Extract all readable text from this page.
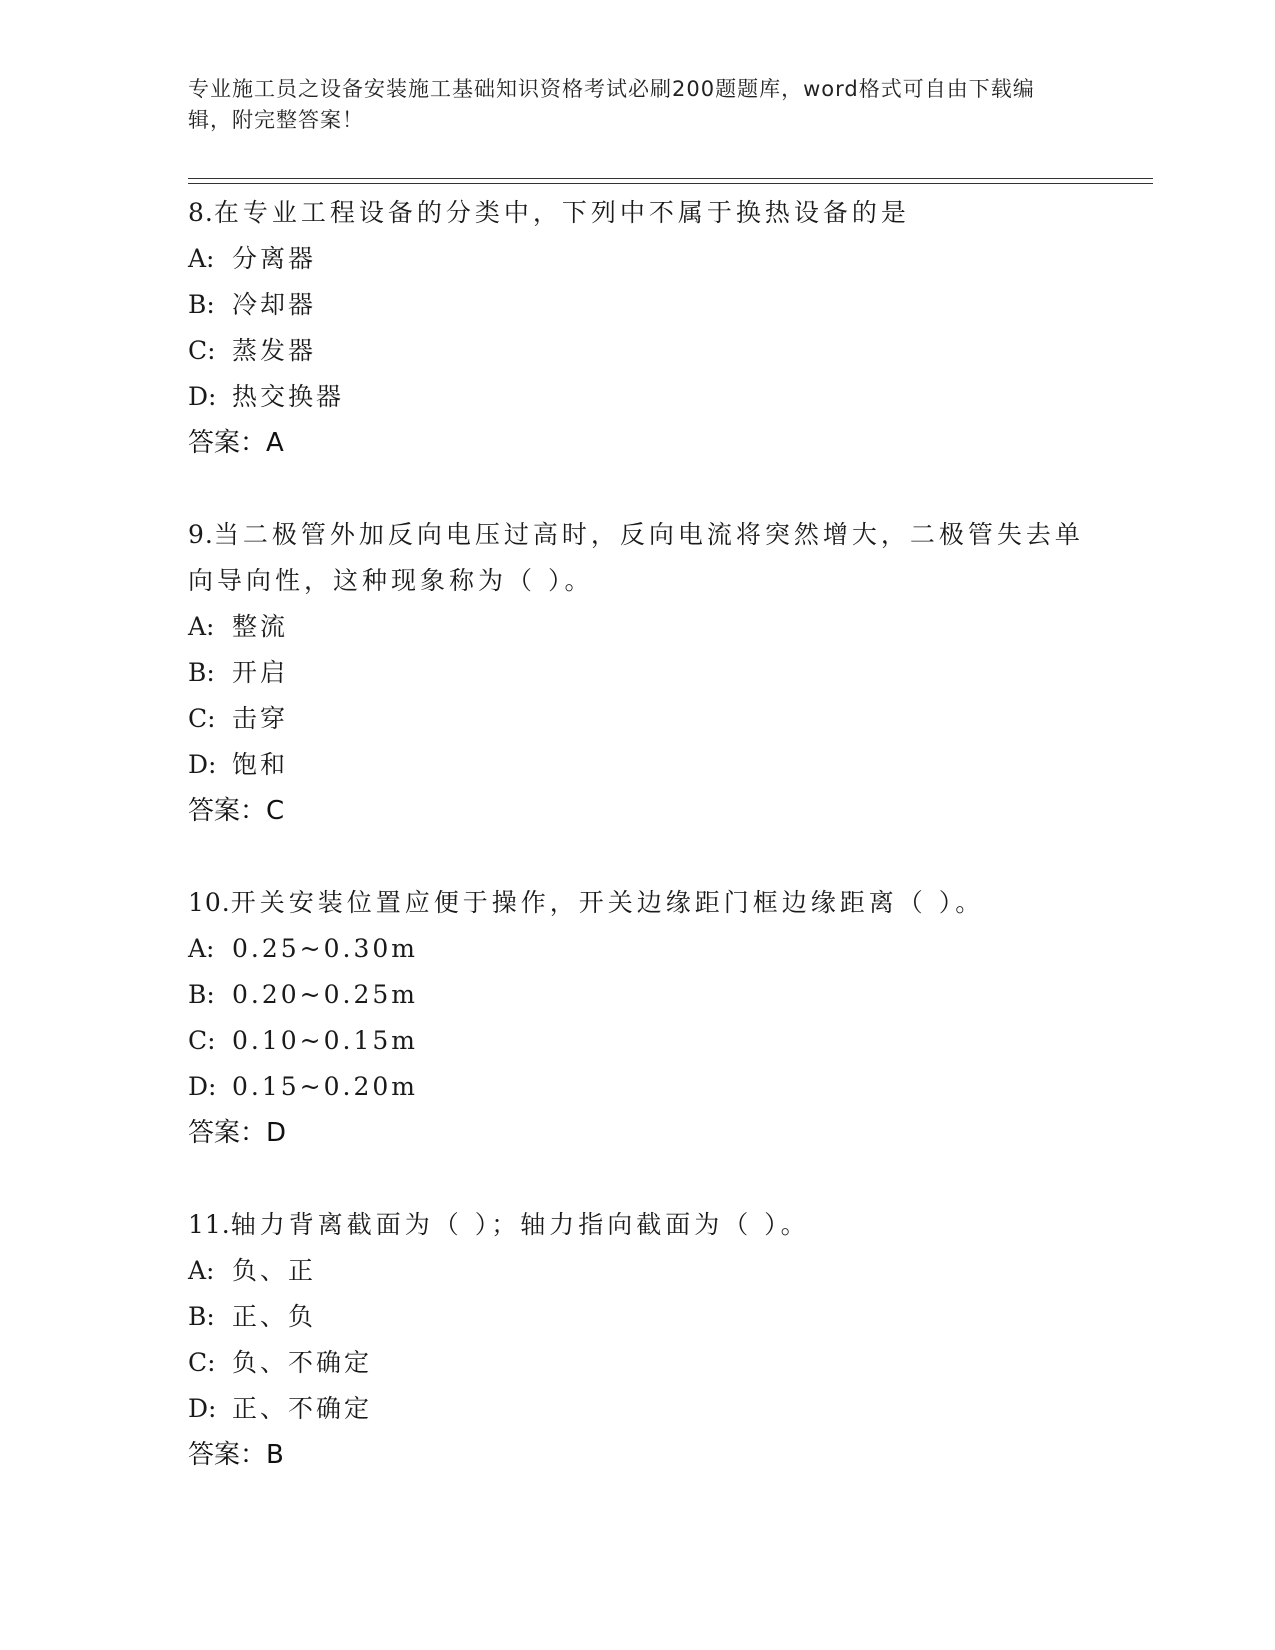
专业施工员之设备安装施工基础知识资格考试必刷200题题库，word格式可自由下载编辑，附完整答案！
8.在专业工程设备的分类中，下列中不属于换热设备的是
A: 分离器
B: 冷却器
C: 蒸发器
D: 热交换器
答案：A
9.当二极管外加反向电压过高时，反向电流将突然增大，二极管失去单向导向性，这种现象称为（ ）。
A: 整流
B: 开启
C: 击穿
D: 饱和
答案：C
10.开关安装位置应便于操作，开关边缘距门框边缘距离（ ）。
A: 0.25~0.30m
B: 0.20~0.25m
C: 0.10~0.15m
D: 0.15~0.20m
答案：D
11.轴力背离截面为（ ）；轴力指向截面为（ ）。
A: 负、正
B: 正、负
C: 负、不确定
D: 正、不确定
答案：B
